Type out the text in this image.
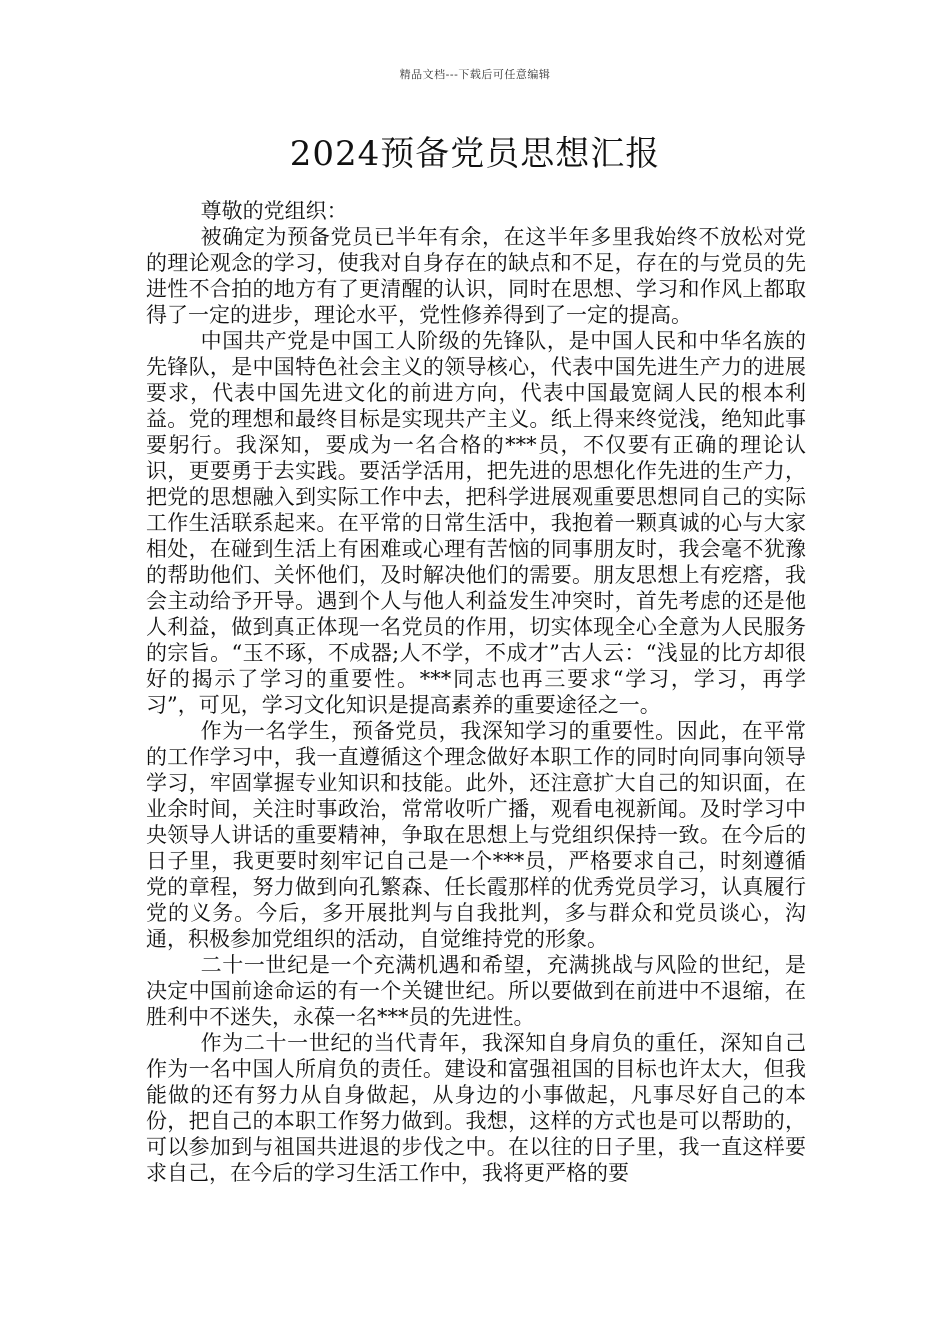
精品文档---下载后可任意编辑
2024预备党员思想汇报

尊敬的党组织：

被确定为预备党员已半年有余，在这半年多里我始终不放松对党的理论观念的学习，使我对自身存在的缺点和不足，存在的与党员的先进性不合拍的地方有了更清醒的认识，同时在思想、学习和作风上都取得了一定的进步，理论水平，党性修养得到了一定的提高。

中国共产党是中国工人阶级的先锋队，是中国人民和中华名族的先锋队，是中国特色社会主义的领导核心，代表中国先进生产力的进展要求，代表中国先进文化的前进方向，代表中国最宽阔人民的根本利益。党的理想和最终目标是实现共产主义。纸上得来终觉浅，绝知此事要躬行。我深知，要成为一名合格的***员，不仅要有正确的理论认识，更要勇于去实践。要活学活用，把先进的思想化作先进的生产力，把党的思想融入到实际工作中去，把科学进展观重要思想同自己的实际工作生活联系起来。在平常的日常生活中，我抱着一颗真诚的心与大家相处，在碰到生活上有困难或心理有苦恼的同事朋友时，我会毫不犹豫的帮助他们、关怀他们，及时解决他们的需要。朋友思想上有疙瘩，我会主动给予开导。遇到个人与他人利益发生冲突时，首先考虑的还是他人利益，做到真正体现一名党员的作用，切实体现全心全意为人民服务的宗旨。“玉不琢，不成器;人不学，不成才”古人云：“浅显的比方却很好的揭示了学习的重要性。***同志也再三要求“学习，学习，再学习”，可见，学习文化知识是提高素养的重要途径之一。

作为一名学生，预备党员，我深知学习的重要性。因此，在平常的工作学习中，我一直遵循这个理念做好本职工作的同时向同事向领导学习，牢固掌握专业知识和技能。此外，还注意扩大自己的知识面，在业余时间，关注时事政治，常常收听广播，观看电视新闻。及时学习中央领导人讲话的重要精神，争取在思想上与党组织保持一致。在今后的日子里，我更要时刻牢记自己是一个***员，严格要求自己，时刻遵循党的章程，努力做到向孔繁森、任长霞那样的优秀党员学习，认真履行党的义务。今后，多开展批判与自我批判，多与群众和党员谈心，沟通，积极参加党组织的活动，自觉维持党的形象。

二十一世纪是一个充满机遇和希望，充满挑战与风险的世纪，是决定中国前途命运的有一个关键世纪。所以要做到在前进中不退缩，在胜利中不迷失，永葆一名***员的先进性。

作为二十一世纪的当代青年，我深知自身肩负的重任，深知自己作为一名中国人所肩负的责任。建设和富强祖国的目标也许太大，但我能做的还有努力从自身做起，从身边的小事做起，凡事尽好自己的本份，把自己的本职工作努力做到。我想，这样的方式也是可以帮助的，可以参加到与祖国共进退的步伐之中。在以往的日子里，我一直这样要求自己，在今后的学习生活工作中，我将更严格的要
